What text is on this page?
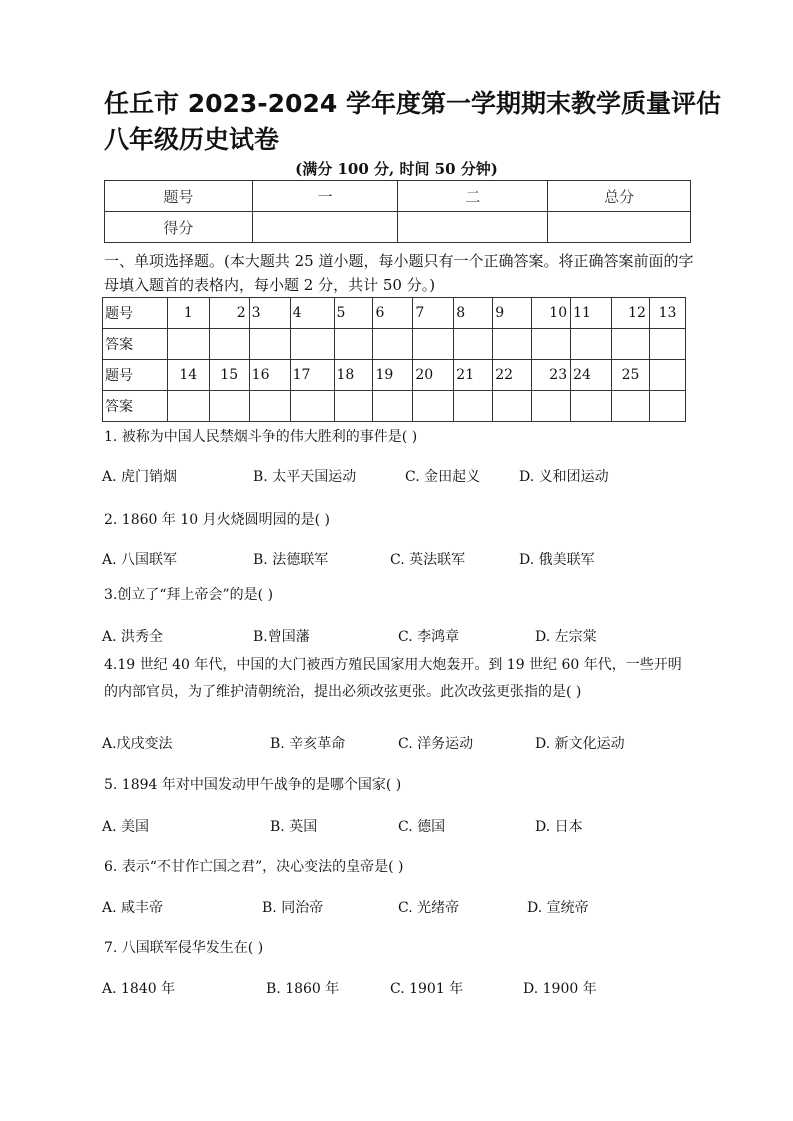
任丘市 2023-2024 学年度第一学期期末教学质量评估
八年级历史试卷
(满分 100 分, 时间 50 分钟)
题号	一	二	总分
得分			

一、单项选择题。(本大题共 25 道小题，每小题只有一个正确答案。将正确答案前面的字母填入题首的表格内，每小题 2 分，共计 50 分。)

题号	1	2	3	4	5	6	7	8	9	10	11	12	13
答案													
题号	14	15	16	17	18	19	20	21	22	23	24	25	
答案													

1. 被称为中国人民禁烟斗争的伟大胜利的事件是( )

A. 虎门销烟	B. 太平天国运动	C. 金田起义	D. 义和团运动

2. 1860 年 10 月火烧圆明园的是( )

A. 八国联军	B. 法德联军	C. 英法联军	D. 俄美联军

3.创立了“拜上帝会”的是( )

A. 洪秀全	B.曾国藩	C. 李鸿章	D. 左宗棠

4.19 世纪 40 年代，中国的大门被西方殖民国家用大炮轰开。到 19 世纪 60 年代，一些开明的内部官员，为了维护清朝统治，提出必须改弦更张。此次改弦更张指的是( )

A.戊戌变法	B. 辛亥革命	C. 洋务运动	D. 新文化运动

5. 1894 年对中国发动甲午战争的是哪个国家( )

A. 美国	B. 英国	C. 德国	D. 日本

6. 表示“不甘作亡国之君”，决心变法的皇帝是( )

A. 咸丰帝	B. 同治帝	C. 光绪帝	D. 宣统帝

7. 八国联军侵华发生在( )

A. 1840 年	B. 1860 年	C. 1901 年	D. 1900 年
